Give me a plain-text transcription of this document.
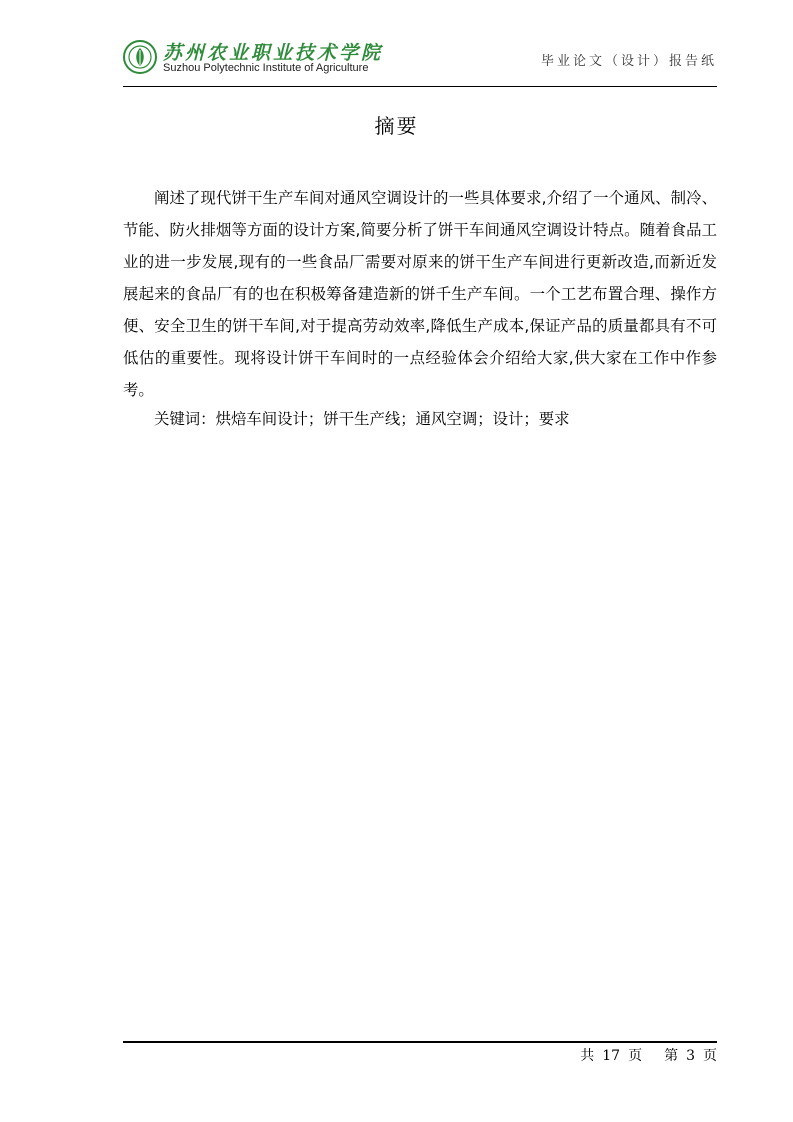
苏州农业职业技术学院
Suzhou Polytechnic Institute of Agriculture	毕业论文（设计）报告纸
摘要

阐述了现代饼干生产车间对通风空调设计的一些具体要求,介绍了一个通风、制冷、节能、防火排烟等方面的设计方案,简要分析了饼干车间通风空调设计特点。随着食品工业的进一步发展,现有的一些食品厂需要对原来的饼干生产车间进行更新改造,而新近发展起来的食品厂有的也在积极筹备建造新的饼千生产车间。一个工艺布置合理、操作方便、安全卫生的饼干车间,对于提高劳动效率,降低生产成本,保证产品的质量都具有不可低估的重要性。现将设计饼干车间时的一点经验体会介绍给大家,供大家在工作中作参考。

关键词：烘焙车间设计；饼干生产线；通风空调；设计；要求
共 17 页 第 3 页
